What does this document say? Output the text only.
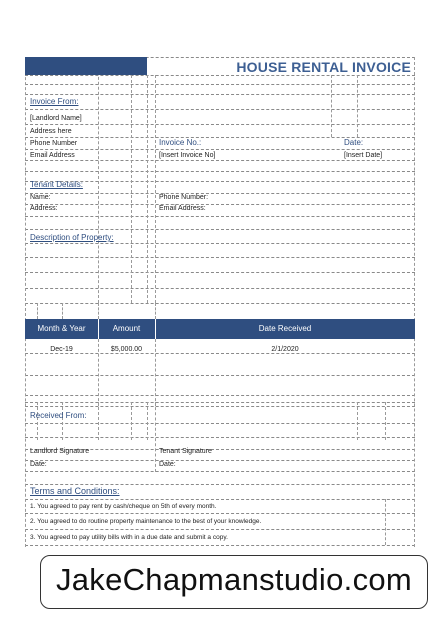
HOUSE RENTAL INVOICE
Invoice From:
[Landlord Name]
Address here
Phone Number
Email Address
Invoice No.:
[Insert Invoice No]
Date:
[Insert Date]
Tenant Details:
Name:
Address:
Phone Number:
Email Address:
Description of Property:
Month & Year	Amount	Date Received
Dec-19	$5,000.00	2/1/2020
Received From:
Landlord Signature
Date:
Tenant Signature
Date:
Terms and Conditions:
1. You agreed to pay rent by cash/cheque on 5th of every month.
2. You agreed to do routine property maintenance to the best of your knowledge.
3. You agreed to pay utility bills with in a due date and submit a copy.
JakeChapmanstudio.com
